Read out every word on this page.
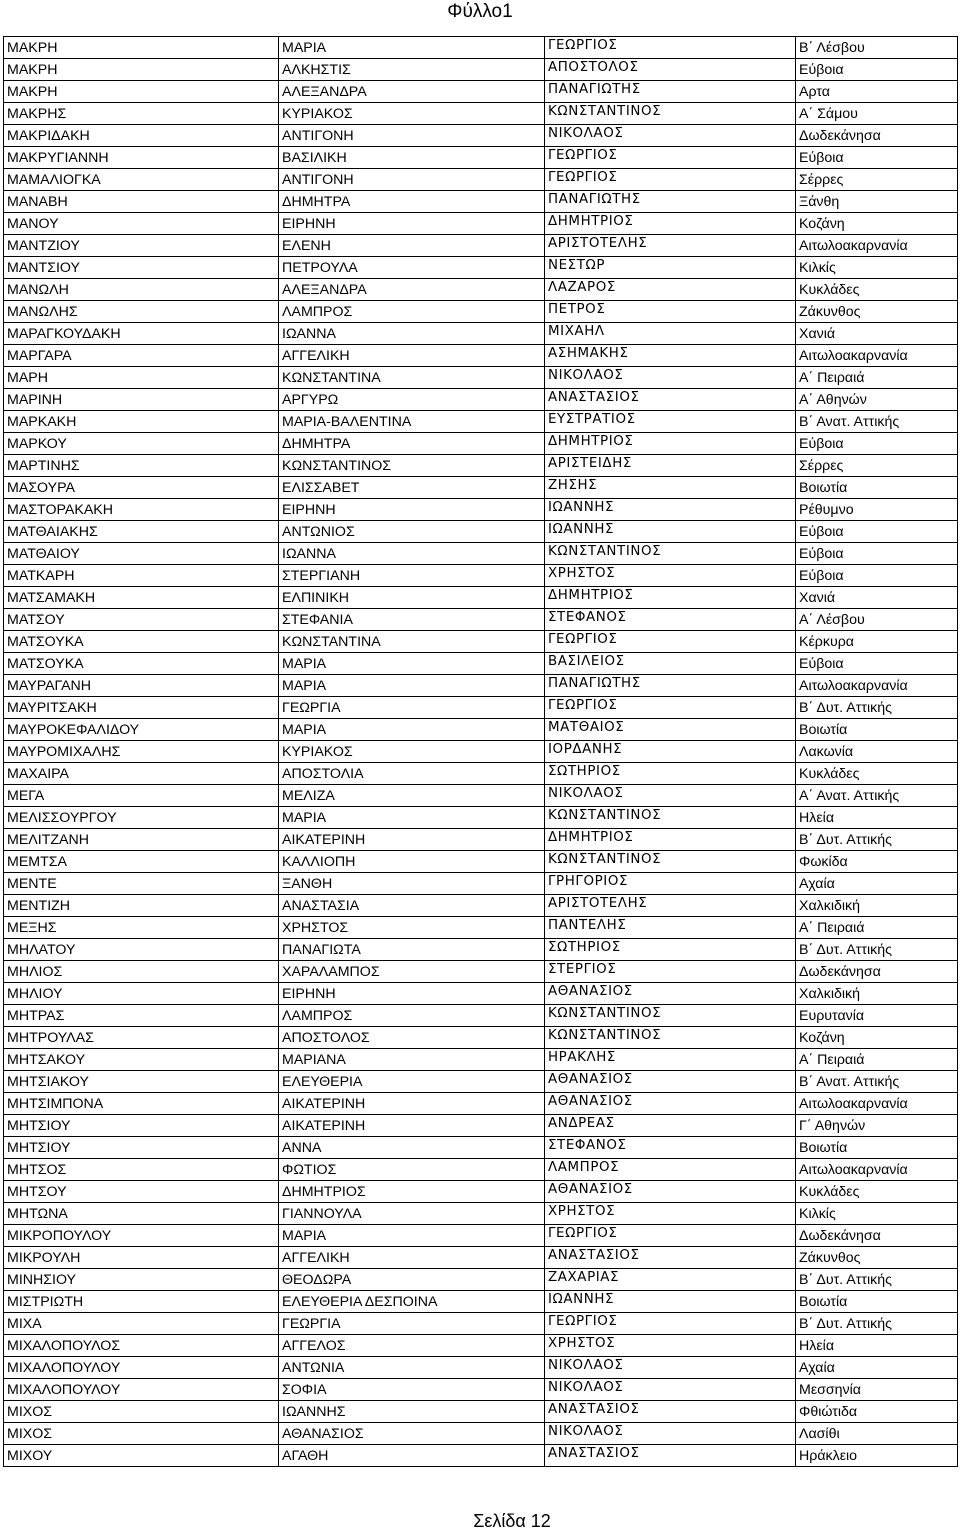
Φύλλο1
ΜΑΚΡΗ	ΜΑΡΙΑ	ΓΕΩΡΓΙΟΣ	Β΄ Λέσβου
ΜΑΚΡΗ	ΑΛΚΗΣΤΙΣ	ΑΠΟΣΤΟΛΟΣ	Εύβοια
ΜΑΚΡΗ	ΑΛΕΞΑΝΔΡΑ	ΠΑΝΑΓΙΩΤΗΣ	Αρτα
ΜΑΚΡΗΣ	ΚΥΡΙΑΚΟΣ	ΚΩΝΣΤΑΝΤΙΝΟΣ	Α΄ Σάμου
ΜΑΚΡΙΔΑΚΗ	ΑΝΤΙΓΟΝΗ	ΝΙΚΟΛΑΟΣ	Δωδεκάνησα
ΜΑΚΡΥΓΙΑΝΝΗ	ΒΑΣΙΛΙΚΗ	ΓΕΩΡΓΙΟΣ	Εύβοια
ΜΑΜΑΛΙΟΓΚΑ	ΑΝΤΙΓΟΝΗ	ΓΕΩΡΓΙΟΣ	Σέρρες
ΜΑΝΑΒΗ	ΔΗΜΗΤΡΑ	ΠΑΝΑΓΙΩΤΗΣ	Ξάνθη
ΜΑΝΟΥ	ΕΙΡΗΝΗ	ΔΗΜΗΤΡΙΟΣ	Κοζάνη
ΜΑΝΤΖΙΟΥ	ΕΛΕΝΗ	ΑΡΙΣΤΟΤΕΛΗΣ	Αιτωλοακαρνανία
ΜΑΝΤΣΙΟΥ	ΠΕΤΡΟΥΛΑ	ΝΕΣΤΩΡ	Κιλκίς
ΜΑΝΩΛΗ	ΑΛΕΞΑΝΔΡΑ	ΛΑΖΑΡΟΣ	Κυκλάδες
ΜΑΝΩΛΗΣ	ΛΑΜΠΡΟΣ	ΠΕΤΡΟΣ	Ζάκυνθος
ΜΑΡΑΓΚΟΥΔΑΚΗ	ΙΩΑΝΝΑ	ΜΙΧΑΗΛ	Χανιά
ΜΑΡΓΑΡΑ	ΑΓΓΕΛΙΚΗ	ΑΣΗΜΑΚΗΣ	Αιτωλοακαρνανία
ΜΑΡΗ	ΚΩΝΣΤΑΝΤΙΝΑ	ΝΙΚΟΛΑΟΣ	Α΄ Πειραιά
ΜΑΡΙΝΗ	ΑΡΓΥΡΩ	ΑΝΑΣΤΑΣΙΟΣ	Α΄ Αθηνών
ΜΑΡΚΑΚΗ	ΜΑΡΙΑ-ΒΑΛΕΝΤΙΝΑ	ΕΥΣΤΡΑΤΙΟΣ	Β΄ Ανατ. Αττικής
ΜΑΡΚΟΥ	ΔΗΜΗΤΡΑ	ΔΗΜΗΤΡΙΟΣ	Εύβοια
ΜΑΡΤΙΝΗΣ	ΚΩΝΣΤΑΝΤΙΝΟΣ	ΑΡΙΣΤΕΙΔΗΣ	Σέρρες
ΜΑΣΟΥΡΑ	ΕΛΙΣΣΑΒΕΤ	ΖΗΣΗΣ	Βοιωτία
ΜΑΣΤΟΡΑΚΑΚΗ	ΕΙΡΗΝΗ	ΙΩΑΝΝΗΣ	Ρέθυμνο
ΜΑΤΘΑΙΑΚΗΣ	ΑΝΤΩΝΙΟΣ	ΙΩΑΝΝΗΣ	Εύβοια
ΜΑΤΘΑΙΟΥ	ΙΩΑΝΝΑ	ΚΩΝΣΤΑΝΤΙΝΟΣ	Εύβοια
ΜΑΤΚΑΡΗ	ΣΤΕΡΓΙΑΝΗ	ΧΡΗΣΤΟΣ	Εύβοια
ΜΑΤΣΑΜΑΚΗ	ΕΛΠΙΝΙΚΗ	ΔΗΜΗΤΡΙΟΣ	Χανιά
ΜΑΤΣΟΥ	ΣΤΕΦΑΝΙΑ	ΣΤΕΦΑΝΟΣ	Α΄ Λέσβου
ΜΑΤΣΟΥΚΑ	ΚΩΝΣΤΑΝΤΙΝΑ	ΓΕΩΡΓΙΟΣ	Κέρκυρα
ΜΑΤΣΟΥΚΑ	ΜΑΡΙΑ	ΒΑΣΙΛΕΙΟΣ	Εύβοια
ΜΑΥΡΑΓΑΝΗ	ΜΑΡΙΑ	ΠΑΝΑΓΙΩΤΗΣ	Αιτωλοακαρνανία
ΜΑΥΡΙΤΣΑΚΗ	ΓΕΩΡΓΙΑ	ΓΕΩΡΓΙΟΣ	Β΄ Δυτ. Αττικής
ΜΑΥΡΟΚΕΦΑΛΙΔΟΥ	ΜΑΡΙΑ	ΜΑΤΘΑΙΟΣ	Βοιωτία
ΜΑΥΡΟΜΙΧΑΛΗΣ	ΚΥΡΙΑΚΟΣ	ΙΟΡΔΑΝΗΣ	Λακωνία
ΜΑΧΑΙΡΑ	ΑΠΟΣΤΟΛΙΑ	ΣΩΤΗΡΙΟΣ	Κυκλάδες
ΜΕΓΑ	ΜΕΛΙΖΑ	ΝΙΚΟΛΑΟΣ	Α΄ Ανατ. Αττικής
ΜΕΛΙΣΣΟΥΡΓΟΥ	ΜΑΡΙΑ	ΚΩΝΣΤΑΝΤΙΝΟΣ	Ηλεία
ΜΕΛΙΤΖΑΝΗ	ΑΙΚΑΤΕΡΙΝΗ	ΔΗΜΗΤΡΙΟΣ	Β΄ Δυτ. Αττικής
ΜΕΜΤΣΑ	ΚΑΛΛΙΟΠΗ	ΚΩΝΣΤΑΝΤΙΝΟΣ	Φωκίδα
ΜΕΝΤΕ	ΞΑΝΘΗ	ΓΡΗΓΟΡΙΟΣ	Αχαία
ΜΕΝΤΙΖΗ	ΑΝΑΣΤΑΣΙΑ	ΑΡΙΣΤΟΤΕΛΗΣ	Χαλκιδική
ΜΕΞΗΣ	ΧΡΗΣΤΟΣ	ΠΑΝΤΕΛΗΣ	Α΄ Πειραιά
ΜΗΛΑΤΟΥ	ΠΑΝΑΓΙΩΤΑ	ΣΩΤΗΡΙΟΣ	Β΄ Δυτ. Αττικής
ΜΗΛΙΟΣ	ΧΑΡΑΛΑΜΠΟΣ	ΣΤΕΡΓΙΟΣ	Δωδεκάνησα
ΜΗΛΙΟΥ	ΕΙΡΗΝΗ	ΑΘΑΝΑΣΙΟΣ	Χαλκιδική
ΜΗΤΡΑΣ	ΛΑΜΠΡΟΣ	ΚΩΝΣΤΑΝΤΙΝΟΣ	Ευρυτανία
ΜΗΤΡΟΥΛΑΣ	ΑΠΟΣΤΟΛΟΣ	ΚΩΝΣΤΑΝΤΙΝΟΣ	Κοζάνη
ΜΗΤΣΑΚΟΥ	ΜΑΡΙΑΝΑ	ΗΡΑΚΛΗΣ	Α΄ Πειραιά
ΜΗΤΣΙΑΚΟΥ	ΕΛΕΥΘΕΡΙΑ	ΑΘΑΝΑΣΙΟΣ	Β΄ Ανατ. Αττικής
ΜΗΤΣΙΜΠΟΝΑ	ΑΙΚΑΤΕΡΙΝΗ	ΑΘΑΝΑΣΙΟΣ	Αιτωλοακαρνανία
ΜΗΤΣΙΟΥ	ΑΙΚΑΤΕΡΙΝΗ	ΑΝΔΡΕΑΣ	Γ΄ Αθηνών
ΜΗΤΣΙΟΥ	ΑΝΝΑ	ΣΤΕΦΑΝΟΣ	Βοιωτία
ΜΗΤΣΟΣ	ΦΩΤΙΟΣ	ΛΑΜΠΡΟΣ	Αιτωλοακαρνανία
ΜΗΤΣΟΥ	ΔΗΜΗΤΡΙΟΣ	ΑΘΑΝΑΣΙΟΣ	Κυκλάδες
ΜΗΤΩΝΑ	ΓΙΑΝΝΟΥΛΑ	ΧΡΗΣΤΟΣ	Κιλκίς
ΜΙΚΡΟΠΟΥΛΟΥ	ΜΑΡΙΑ	ΓΕΩΡΓΙΟΣ	Δωδεκάνησα
ΜΙΚΡΟΥΛΗ	ΑΓΓΕΛΙΚΗ	ΑΝΑΣΤΑΣΙΟΣ	Ζάκυνθος
ΜΙΝΗΣΙΟΥ	ΘΕΟΔΩΡΑ	ΖΑΧΑΡΙΑΣ	Β΄ Δυτ. Αττικής
ΜΙΣΤΡΙΩΤΗ	ΕΛΕΥΘΕΡΙΑ ΔΕΣΠΟΙΝΑ	ΙΩΑΝΝΗΣ	Βοιωτία
ΜΙΧΑ	ΓΕΩΡΓΙΑ	ΓΕΩΡΓΙΟΣ	Β΄ Δυτ. Αττικής
ΜΙΧΑΛΟΠΟΥΛΟΣ	ΑΓΓΕΛΟΣ	ΧΡΗΣΤΟΣ	Ηλεία
ΜΙΧΑΛΟΠΟΥΛΟΥ	ΑΝΤΩΝΙΑ	ΝΙΚΟΛΑΟΣ	Αχαία
ΜΙΧΑΛΟΠΟΥΛΟΥ	ΣΟΦΙΑ	ΝΙΚΟΛΑΟΣ	Μεσσηνία
ΜΙΧΟΣ	ΙΩΑΝΝΗΣ	ΑΝΑΣΤΑΣΙΟΣ	Φθιώτιδα
ΜΙΧΟΣ	ΑΘΑΝΑΣΙΟΣ	ΝΙΚΟΛΑΟΣ	Λασίθι
ΜΙΧΟΥ	ΑΓΑΘΗ	ΑΝΑΣΤΑΣΙΟΣ	Ηράκλειο
Σελίδα 12
